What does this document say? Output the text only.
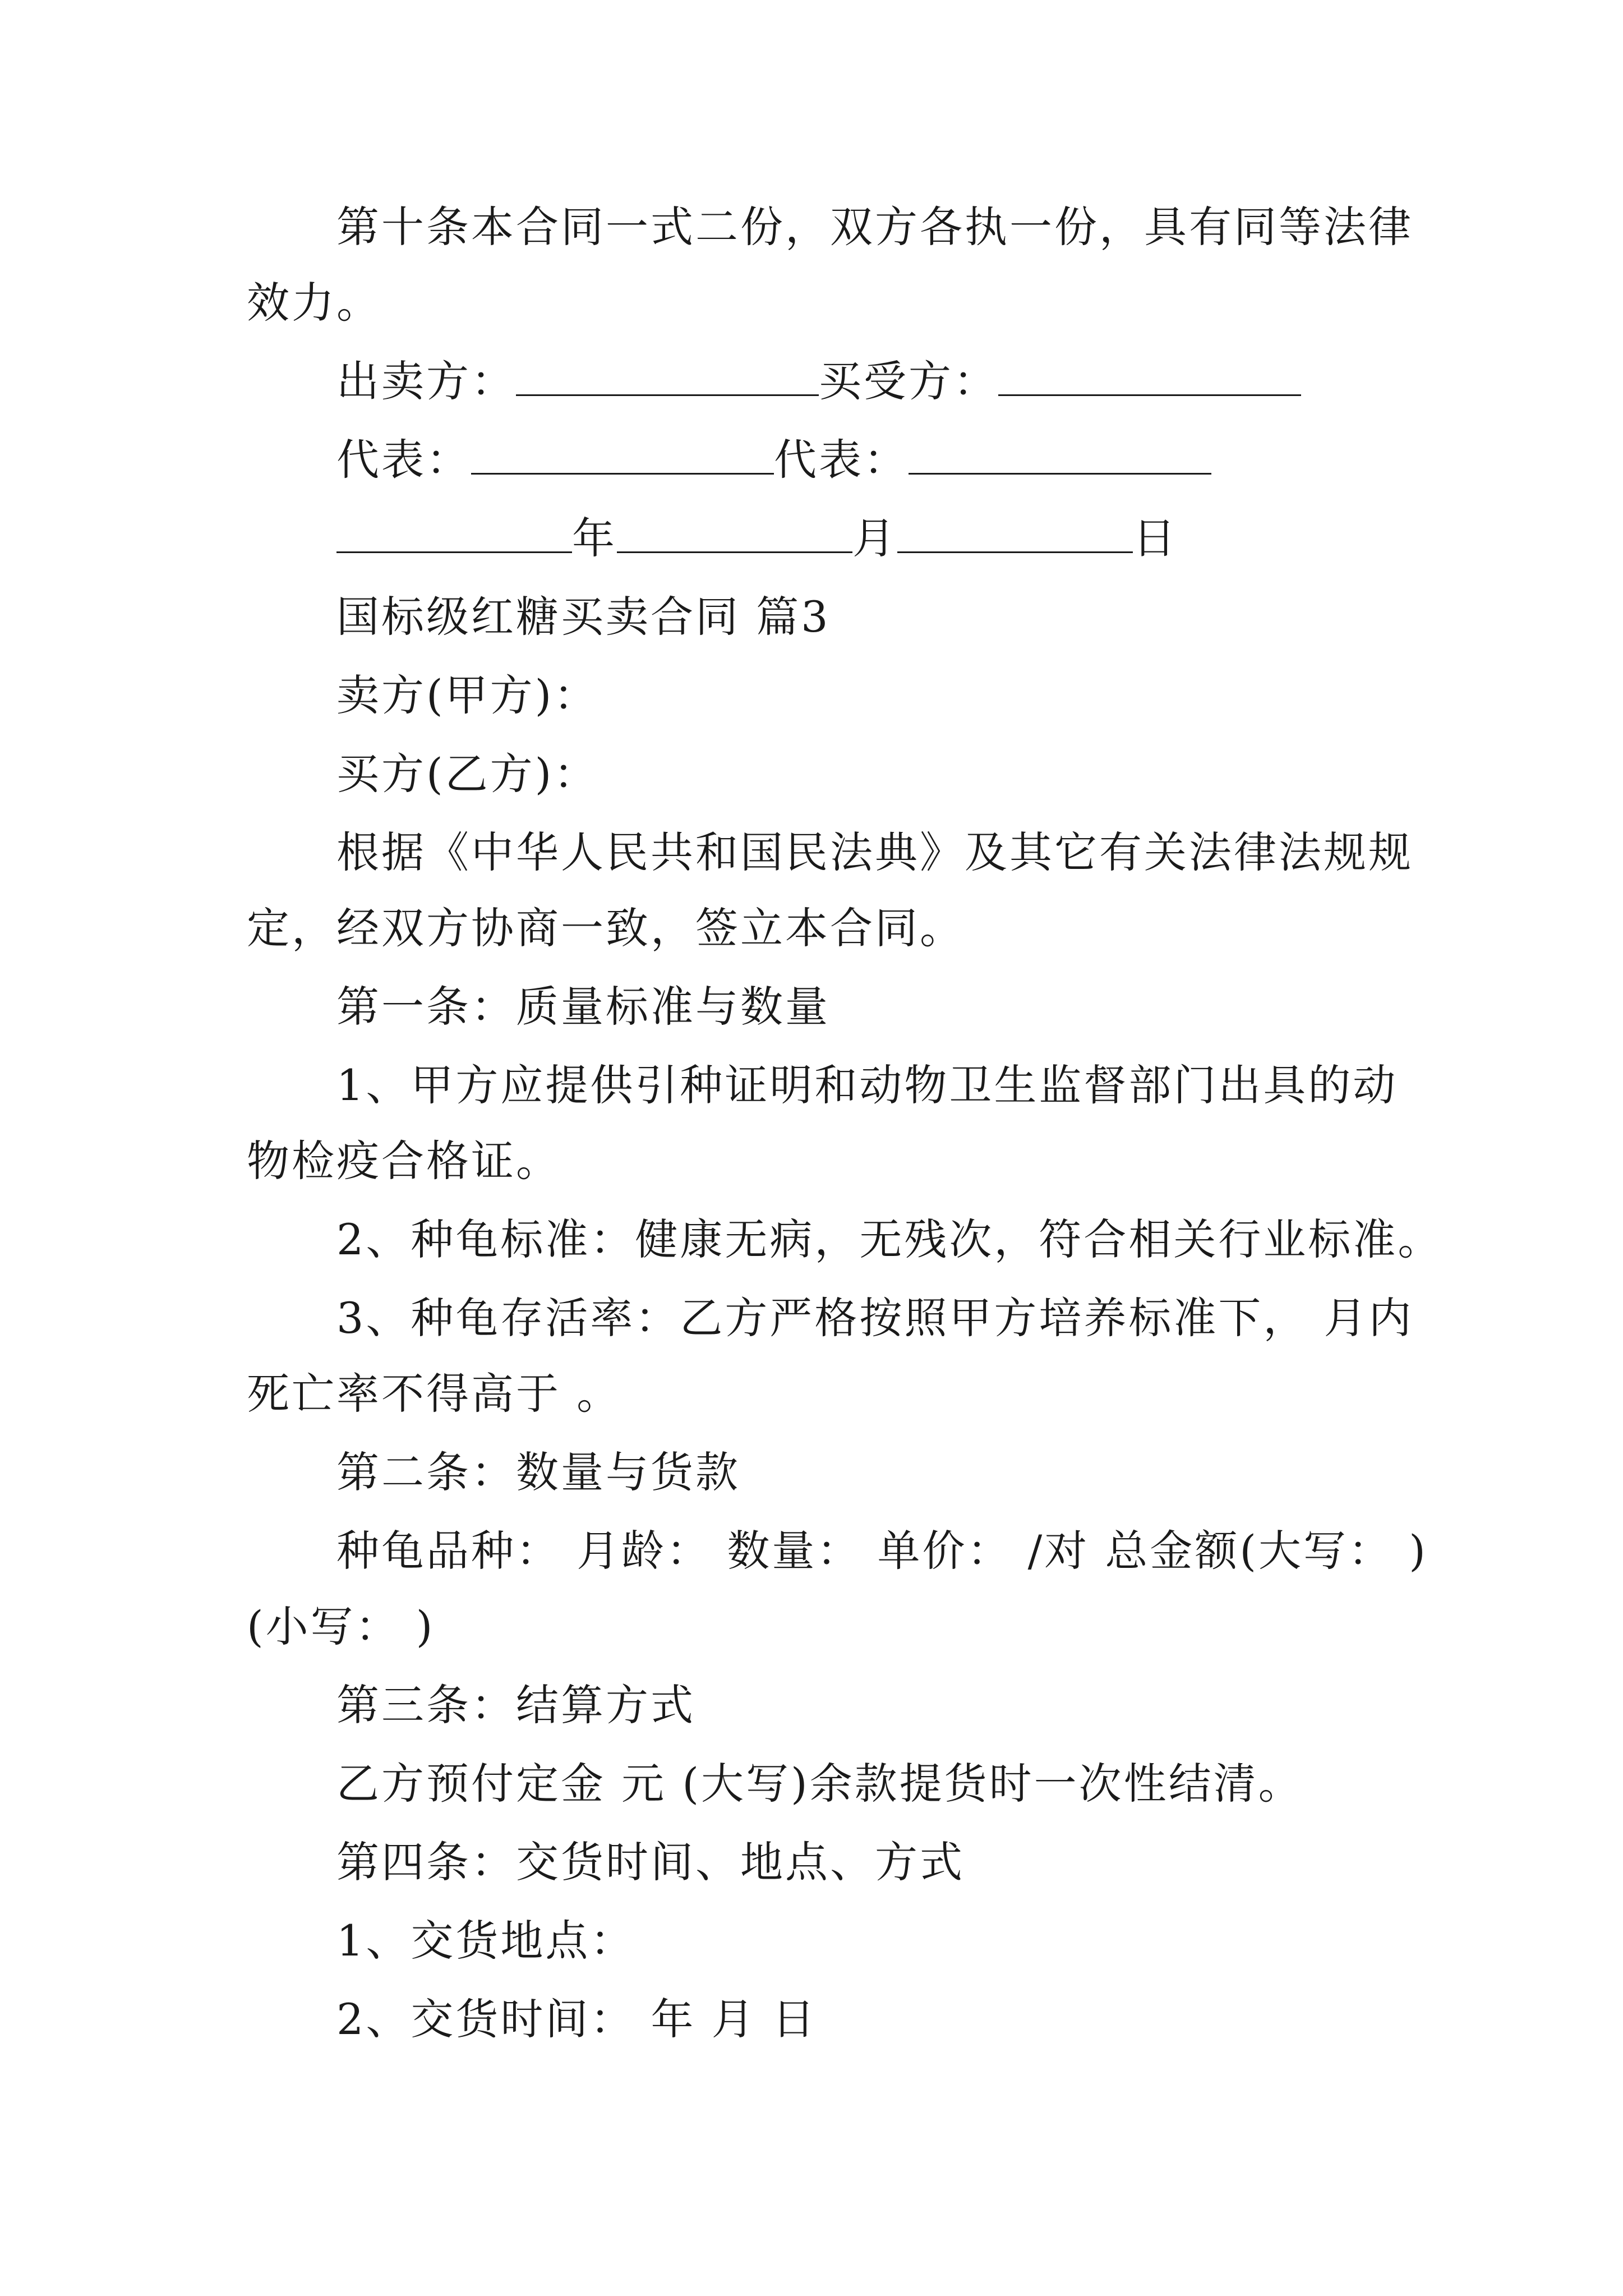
第十条本合同一式二份，双方各执一份，具有同等法律
效力。
出卖方：	买受方：
代表：	代表：
年	月	日
国标级红糖买卖合同 篇3
卖方(甲方)：
买方(乙方)：
根据《中华人民共和国民法典》及其它有关法律法规规
定，经双方协商一致，签立本合同。
第一条：质量标准与数量
1、甲方应提供引种证明和动物卫生监督部门出具的动
物检疫合格证。
2、种龟标准：健康无病，无残次，符合相关行业标准。
3、种龟存活率：乙方严格按照甲方培养标准下， 月内
死亡率不得高于 。
第二条：数量与货款
种龟品种： 月龄： 数量： 单价： /对 总金额(大写： )
(小写： )
第三条：结算方式
乙方预付定金 元 (大写)余款提货时一次性结清。
第四条：交货时间、地点、方式
1、交货地点：
2、交货时间： 年 月 日
